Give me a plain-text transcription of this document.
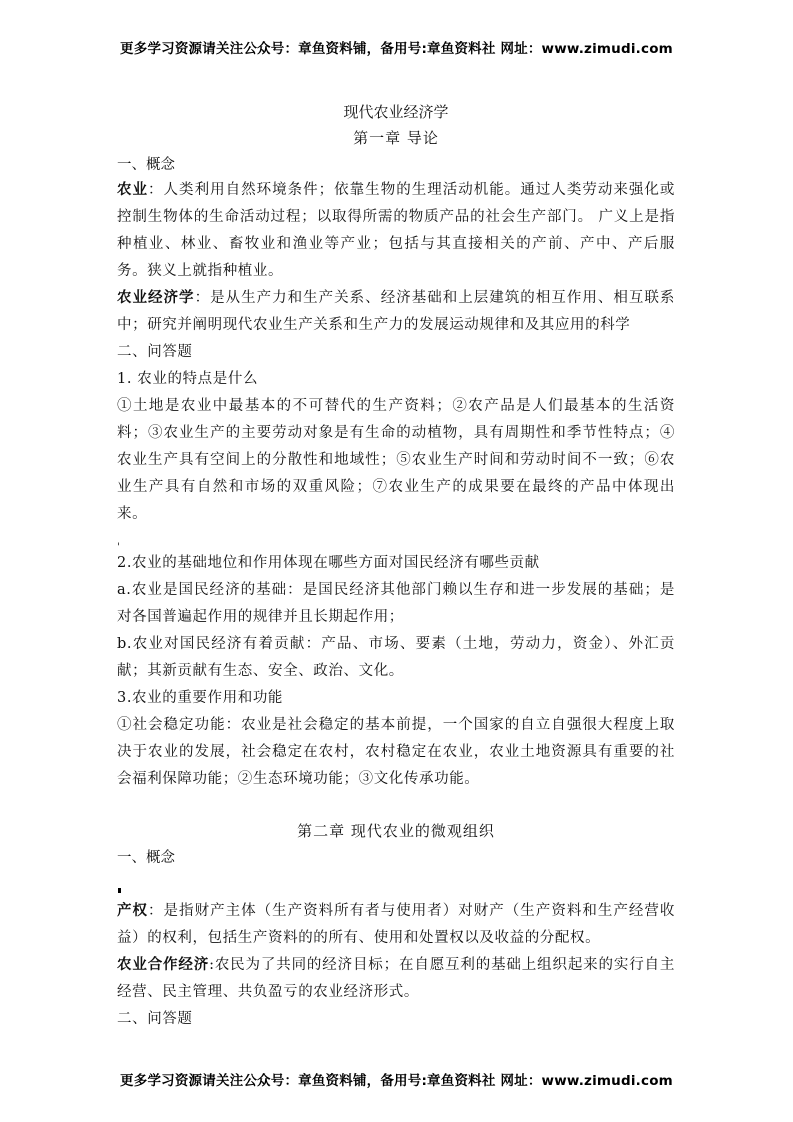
更多学习资源请关注公众号：章鱼资料铺，备用号:章鱼资料社 网址：www.zimudi.com
现代农业经济学
第一章 导论
一、概念

农业：人类利用自然环境条件；依靠生物的生理活动机能。通过人类劳动来强化或控制生物体的生命活动过程；以取得所需的物质产品的社会生产部门。 广义上是指种植业、林业、畜牧业和渔业等产业；包括与其直接相关的产前、产中、产后服务。狭义上就指种植业。

农业经济学：是从生产力和生产关系、经济基础和上层建筑的相互作用、相互联系中；研究并阐明现代农业生产关系和生产力的发展运动规律和及其应用的科学

二、问答题
1. 农业的特点是什么

①土地是农业中最基本的不可替代的生产资料；②农产品是人们最基本的生活资料；③农业生产的主要劳动对象是有生命的动植物，具有周期性和季节性特点；④农业生产具有空间上的分散性和地域性；⑤农业生产时间和劳动时间不一致；⑥农业生产具有自然和市场的双重风险；⑦农业生产的成果要在最终的产品中体现出来。

'
2.农业的基础地位和作用体现在哪些方面对国民经济有哪些贡献

a.农业是国民经济的基础：是国民经济其他部门赖以生存和进一步发展的基础；是对各国普遍起作用的规律并且长期起作用；

b.农业对国民经济有着贡献：产品、市场、要素（土地，劳动力，资金）、外汇贡献；其新贡献有生态、安全、政治、文化。

3.农业的重要作用和功能

①社会稳定功能：农业是社会稳定的基本前提，一个国家的自立自强很大程度上取决于农业的发展，社会稳定在农村，农村稳定在农业，农业土地资源具有重要的社会福利保障功能；②生态环境功能；③文化传承功能。

第二章 现代农业的微观组织
一、概念

产权：是指财产主体（生产资料所有者与使用者）对财产（生产资料和生产经营收益）的权利，包括生产资料的的所有、使用和处置权以及收益的分配权。

农业合作经济:农民为了共同的经济目标；在自愿互利的基础上组织起来的实行自主经营、民主管理、共负盈亏的农业经济形式。

二、问答题
更多学习资源请关注公众号：章鱼资料铺，备用号:章鱼资料社 网址：www.zimudi.com
